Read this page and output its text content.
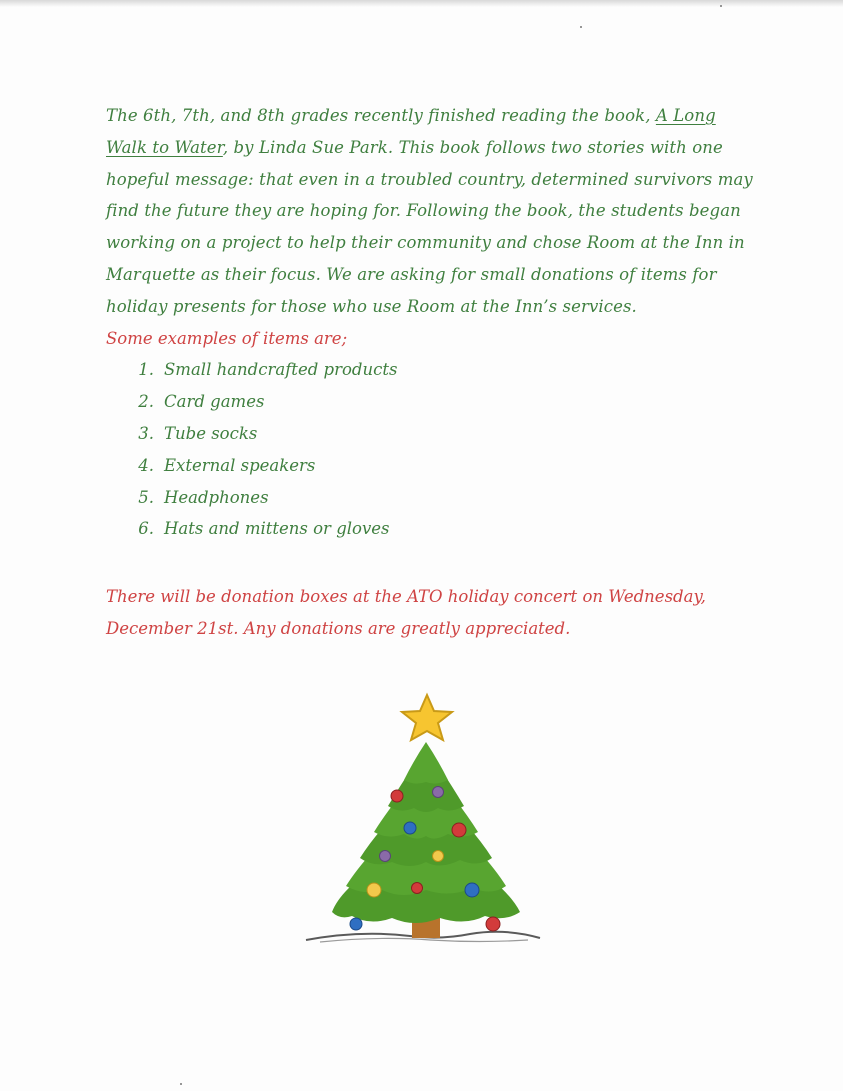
The 6th, 7th, and 8th grades recently finished reading the book, A Long Walk to Water, by Linda Sue Park. This book follows two stories with one hopeful message: that even in a troubled country, determined survivors may find the future they are hoping for. Following the book, the students began working on a project to help their community and chose Room at the Inn in Marquette as their focus. We are asking for small donations of items for holiday presents for those who use Room at the Inn’s services.

Some examples of items are;

1. Small handcrafted products
2. Card games
3. Tube socks
4. External speakers
5. Headphones
6. Hats and mittens or gloves

There will be donation boxes at the ATO holiday concert on Wednesday, December 21st. Any donations are greatly appreciated.
